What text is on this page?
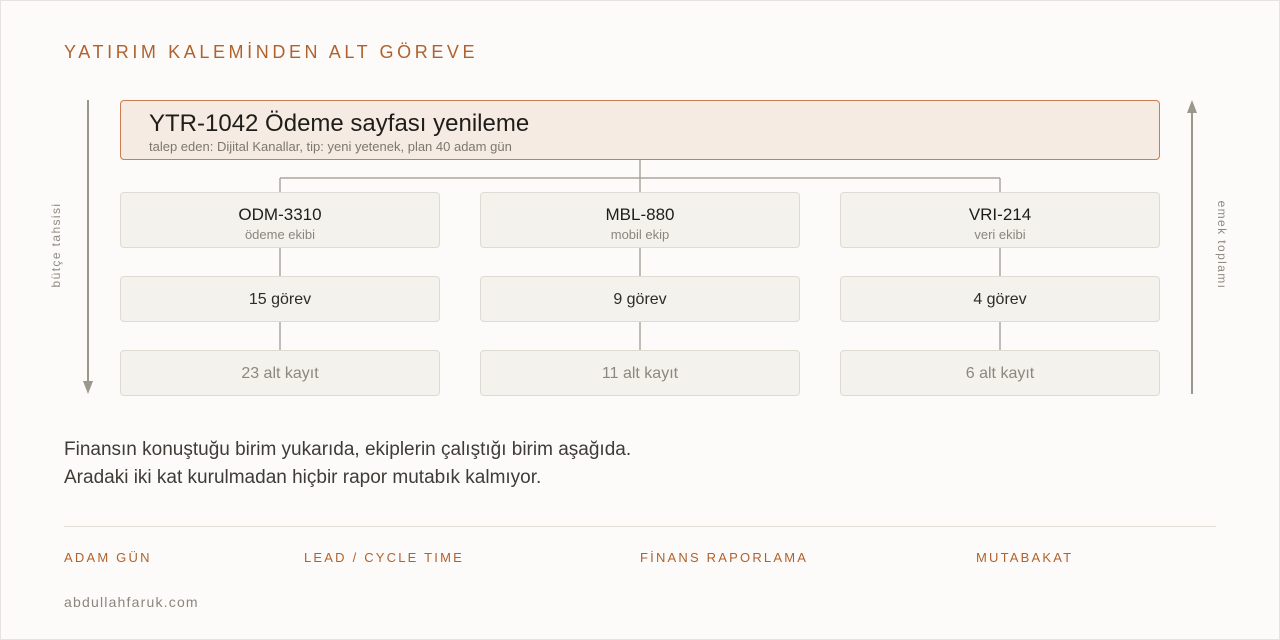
YATIRIM KALEMİNDEN ALT GÖREVE
bütçe tahsisi	emek toplamı
YTR-1042 Ödeme sayfası yenileme
talep eden: Dijital Kanallar, tip: yeni yetenek, plan 40 adam gün
ODM-3310
ödeme ekibi
MBL-880
mobil ekip
VRI-214
veri ekibi
15 görev	9 görev	4 görev
23 alt kayıt	11 alt kayıt	6 alt kayıt
Finansın konuştuğu birim yukarıda, ekiplerin çalıştığı birim aşağıda.
Aradaki iki kat kurulmadan hiçbir rapor mutabık kalmıyor.
ADAM GÜN	LEAD / CYCLE TIME	FİNANS RAPORLAMA	MUTABAKAT
abdullahfaruk.com
